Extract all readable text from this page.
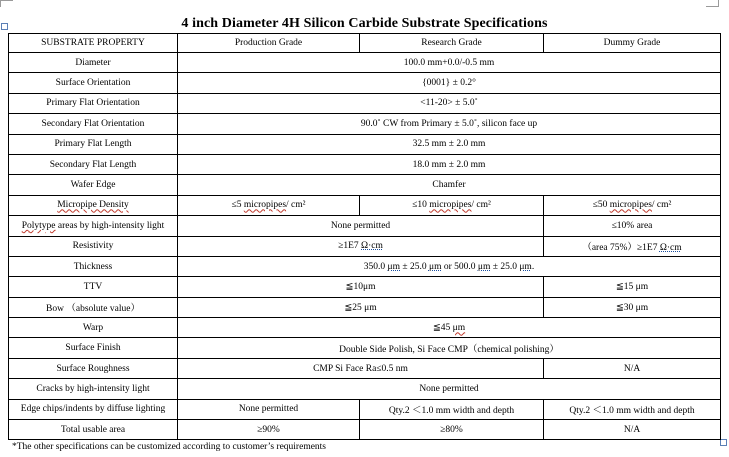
4 inch Diameter 4H Silicon Carbide Substrate Specifications
SUBSTRATE PROPERTY	Production Grade	Research Grade	Dummy Grade
Diameter	100.0 mm+0.0/-0.5 mm		
Surface Orientation	{0001} ± 0.2°		
Primary Flat Orientation	<11-20> ± 5.0˚		
Secondary Flat Orientation	90.0˚ CW from Primary ± 5.0˚, silicon face up		
Primary Flat Length	32.5 mm ± 2.0 mm		
Secondary Flat Length	18.0 mm ± 2.0 mm		
Wafer Edge	Chamfer		
Micropipe Density	≤5 micropipes/ cm²	≤10 micropipes/ cm²	≤50 micropipes/ cm²
Polytype areas by high-intensity light	None permitted		≤10% area
Resistivity	≥1E7 Ω·cm		（area 75%）≥1E7 Ω·cm
Thickness	350.0 μm ± 25.0 μm or 500.0 μm ± 25.0 μm.		
TTV	≦10μm		≦15 μm
Bow （absolute value）	≦25 μm		≦30 μm
Warp	≦45 μm		
Surface Finish	Double Side Polish, Si Face CMP（chemical polishing）		
Surface Roughness	CMP Si Face Ra≤0.5 nm		N/A
Cracks by high-intensity light	None permitted		
Edge chips/indents by diffuse lighting	None permitted	Qty.2 ＜1.0 mm width and depth	Qty.2 ＜1.0 mm width and depth
Total usable area	≥90%	≥80%	N/A
*The other specifications can be customized according to customer’s requirements
